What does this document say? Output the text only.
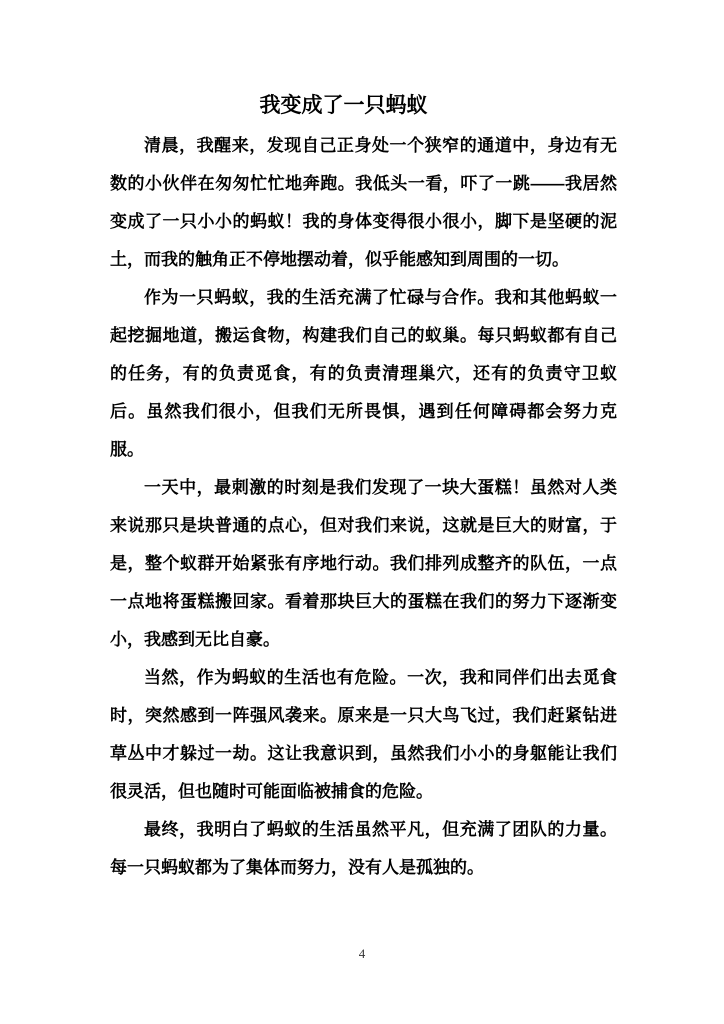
我变成了一只蚂蚁

清晨，我醒来，发现自己正身处一个狭窄的通道中，身边有无数的小伙伴在匆匆忙忙地奔跑。我低头一看，吓了一跳——我居然变成了一只小小的蚂蚁！我的身体变得很小很小，脚下是坚硬的泥土，而我的触角正不停地摆动着，似乎能感知到周围的一切。

作为一只蚂蚁，我的生活充满了忙碌与合作。我和其他蚂蚁一起挖掘地道，搬运食物，构建我们自己的蚁巢。每只蚂蚁都有自己的任务，有的负责觅食，有的负责清理巢穴，还有的负责守卫蚁后。虽然我们很小，但我们无所畏惧，遇到任何障碍都会努力克服。

一天中，最刺激的时刻是我们发现了一块大蛋糕！虽然对人类来说那只是块普通的点心，但对我们来说，这就是巨大的财富，于是，整个蚁群开始紧张有序地行动。我们排列成整齐的队伍，一点一点地将蛋糕搬回家。看着那块巨大的蛋糕在我们的努力下逐渐变小，我感到无比自豪。

当然，作为蚂蚁的生活也有危险。一次，我和同伴们出去觅食时，突然感到一阵强风袭来。原来是一只大鸟飞过，我们赶紧钻进草丛中才躲过一劫。这让我意识到，虽然我们小小的身躯能让我们很灵活，但也随时可能面临被捕食的危险。

最终，我明白了蚂蚁的生活虽然平凡，但充满了团队的力量。每一只蚂蚁都为了集体而努力，没有人是孤独的。

4
